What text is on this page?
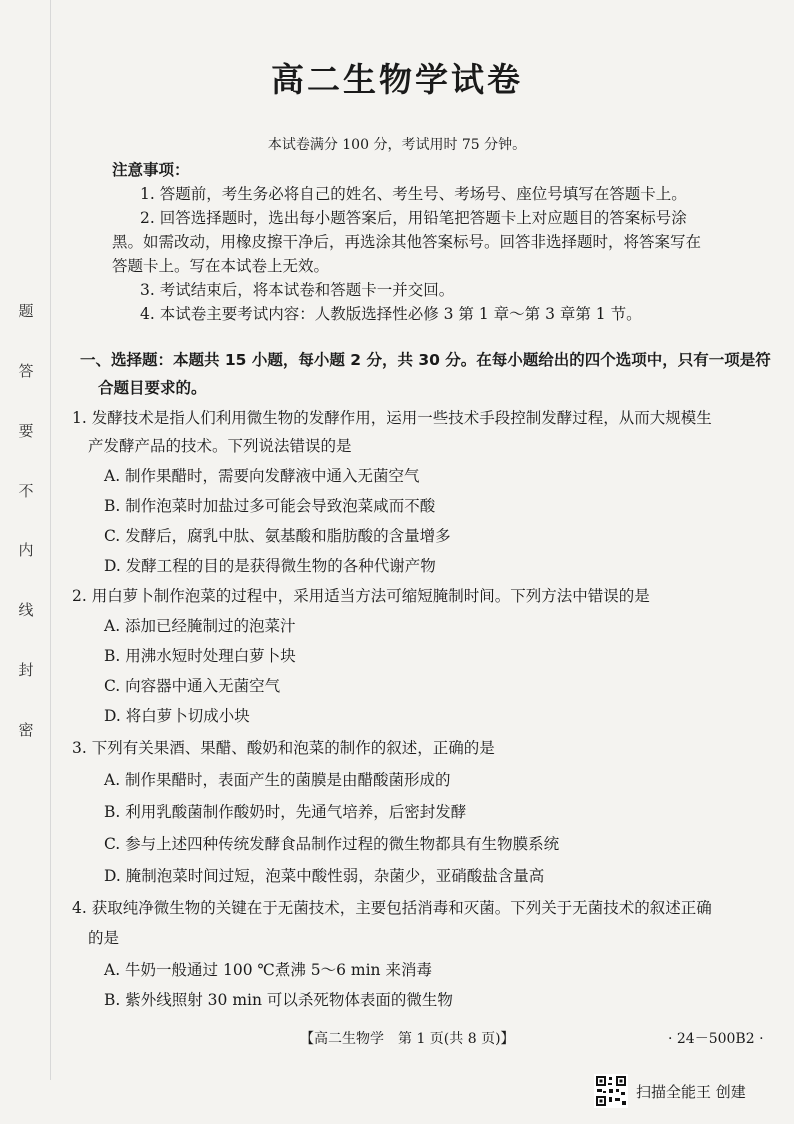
题
答
要
不
内
线
封
密
高二生物学试卷
本试卷满分 100 分，考试用时 75 分钟。
注意事项：
1. 答题前，考生务必将自己的姓名、考生号、考场号、座位号填写在答题卡上。
2. 回答选择题时，选出每小题答案后，用铅笔把答题卡上对应题目的答案标号涂
黑。如需改动，用橡皮擦干净后，再选涂其他答案标号。回答非选择题时，将答案写在
答题卡上。写在本试卷上无效。
3. 考试结束后，将本试卷和答题卡一并交回。
4. 本试卷主要考试内容：人教版选择性必修 3 第 1 章～第 3 章第 1 节。
一、选择题：本题共 15 小题，每小题 2 分，共 30 分。在每小题给出的四个选项中，只有一项是符
合题目要求的。
1. 发酵技术是指人们利用微生物的发酵作用，运用一些技术手段控制发酵过程，从而大规模生
产发酵产品的技术。下列说法错误的是
A. 制作果醋时，需要向发酵液中通入无菌空气
B. 制作泡菜时加盐过多可能会导致泡菜咸而不酸
C. 发酵后，腐乳中肽、氨基酸和脂肪酸的含量增多
D. 发酵工程的目的是获得微生物的各种代谢产物
2. 用白萝卜制作泡菜的过程中，采用适当方法可缩短腌制时间。下列方法中错误的是
A. 添加已经腌制过的泡菜汁
B. 用沸水短时处理白萝卜块
C. 向容器中通入无菌空气
D. 将白萝卜切成小块
3. 下列有关果酒、果醋、酸奶和泡菜的制作的叙述，正确的是
A. 制作果醋时，表面产生的菌膜是由醋酸菌形成的
B. 利用乳酸菌制作酸奶时，先通气培养，后密封发酵
C. 参与上述四种传统发酵食品制作过程的微生物都具有生物膜系统
D. 腌制泡菜时间过短，泡菜中酸性弱，杂菌少，亚硝酸盐含量高
4. 获取纯净微生物的关键在于无菌技术，主要包括消毒和灭菌。下列关于无菌技术的叙述正确
的是
A. 牛奶一般通过 100 ℃煮沸 5～6 min 来消毒
B. 紫外线照射 30 min 可以杀死物体表面的微生物
【高二生物学　第 1 页(共 8 页)】	· 24－500B2 ·
扫描全能王 创建
